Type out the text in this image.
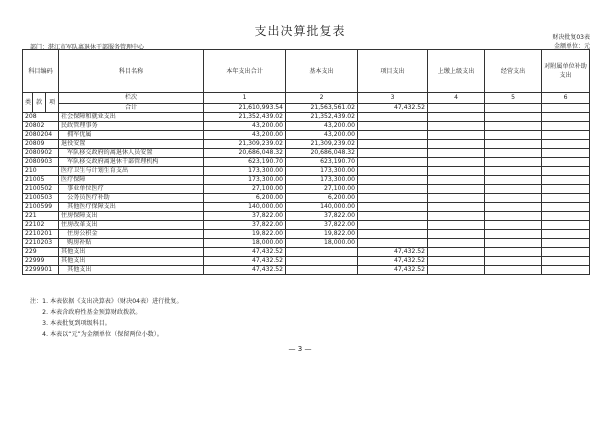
支出决算批复表	财决批复03表
部门：湛江市军队离退休干部服务管理中心	金额单位：元
科目编码			科目名称	本年支出合计	基本支出	项目支出	上缴上级支出	经营支出	对附属单位补助支出
类	款	项	栏次	1	2	3	4	5	6
			合计	21,610,993.54	21,563,561.02	47,432.52			
208			社会保障和就业支出	21,352,439.02	21,352,439.02				
20802			民政管理事务	43,200.00	43,200.00				
2080204			　拥军优属	43,200.00	43,200.00				
20809			退役安置	21,309,239.02	21,309,239.02				
2080902			　军队移交政府的离退休人员安置	20,686,048.32	20,686,048.32				
2080903			　军队移交政府离退休干部管理机构	623,190.70	623,190.70				
210			医疗卫生与计划生育支出	173,300.00	173,300.00				
21005			医疗保障	173,300.00	173,300.00				
2100502			　事业单位医疗	27,100.00	27,100.00				
2100503			　公务员医疗补助	6,200.00	6,200.00				
2100599			　其他医疗保障支出	140,000.00	140,000.00				
221			住房保障支出	37,822.00	37,822.00				
22102			住房改革支出	37,822.00	37,822.00				
2210201			　住房公积金	19,822.00	19,822.00				
2210203			　购房补贴	18,000.00	18,000.00				
229			其他支出	47,432.52		47,432.52			
22999			其他支出	47,432.52		47,432.52			
2299901			　其他支出	47,432.52		47,432.52			
注：1. 本表依据《支出决算表》（财决04表）进行批复。
　　2. 本表含政府性基金预算财政拨款。
　　3. 本表批复到项级科目。
　　4. 本表以“元”为金额单位（保留两位小数）。
— 3 —
